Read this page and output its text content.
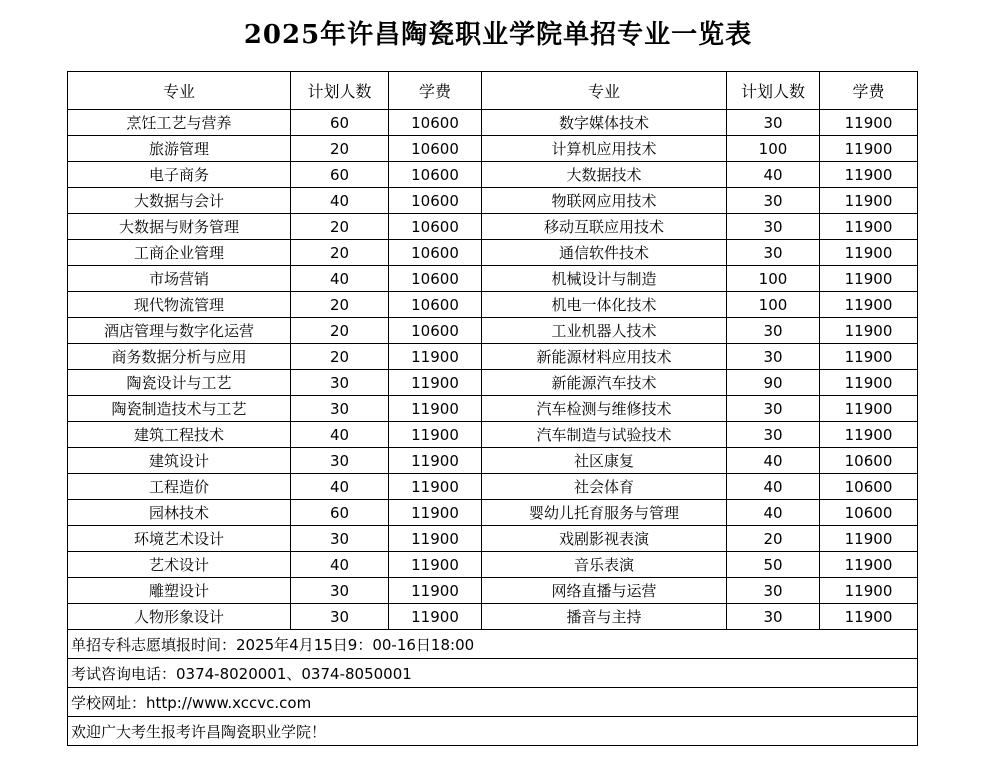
2025年许昌陶瓷职业学院单招专业一览表
专业	计划人数	学费	专业	计划人数	学费
烹饪工艺与营养	60	10600	数字媒体技术	30	11900
旅游管理	20	10600	计算机应用技术	100	11900
电子商务	60	10600	大数据技术	40	11900
大数据与会计	40	10600	物联网应用技术	30	11900
大数据与财务管理	20	10600	移动互联应用技术	30	11900
工商企业管理	20	10600	通信软件技术	30	11900
市场营销	40	10600	机械设计与制造	100	11900
现代物流管理	20	10600	机电一体化技术	100	11900
酒店管理与数字化运营	20	10600	工业机器人技术	30	11900
商务数据分析与应用	20	11900	新能源材料应用技术	30	11900
陶瓷设计与工艺	30	11900	新能源汽车技术	90	11900
陶瓷制造技术与工艺	30	11900	汽车检测与维修技术	30	11900
建筑工程技术	40	11900	汽车制造与试验技术	30	11900
建筑设计	30	11900	社区康复	40	10600
工程造价	40	11900	社会体育	40	10600
园林技术	60	11900	婴幼儿托育服务与管理	40	10600
环境艺术设计	30	11900	戏剧影视表演	20	11900
艺术设计	40	11900	音乐表演	50	11900
雕塑设计	30	11900	网络直播与运营	30	11900
人物形象设计	30	11900	播音与主持	30	11900
单招专科志愿填报时间：2025年4月15日9：00-16日18:00					
考试咨询电话：0374-8020001、0374-8050001					
学校网址：http://www.xccvc.com					
欢迎广大考生报考许昌陶瓷职业学院！					
